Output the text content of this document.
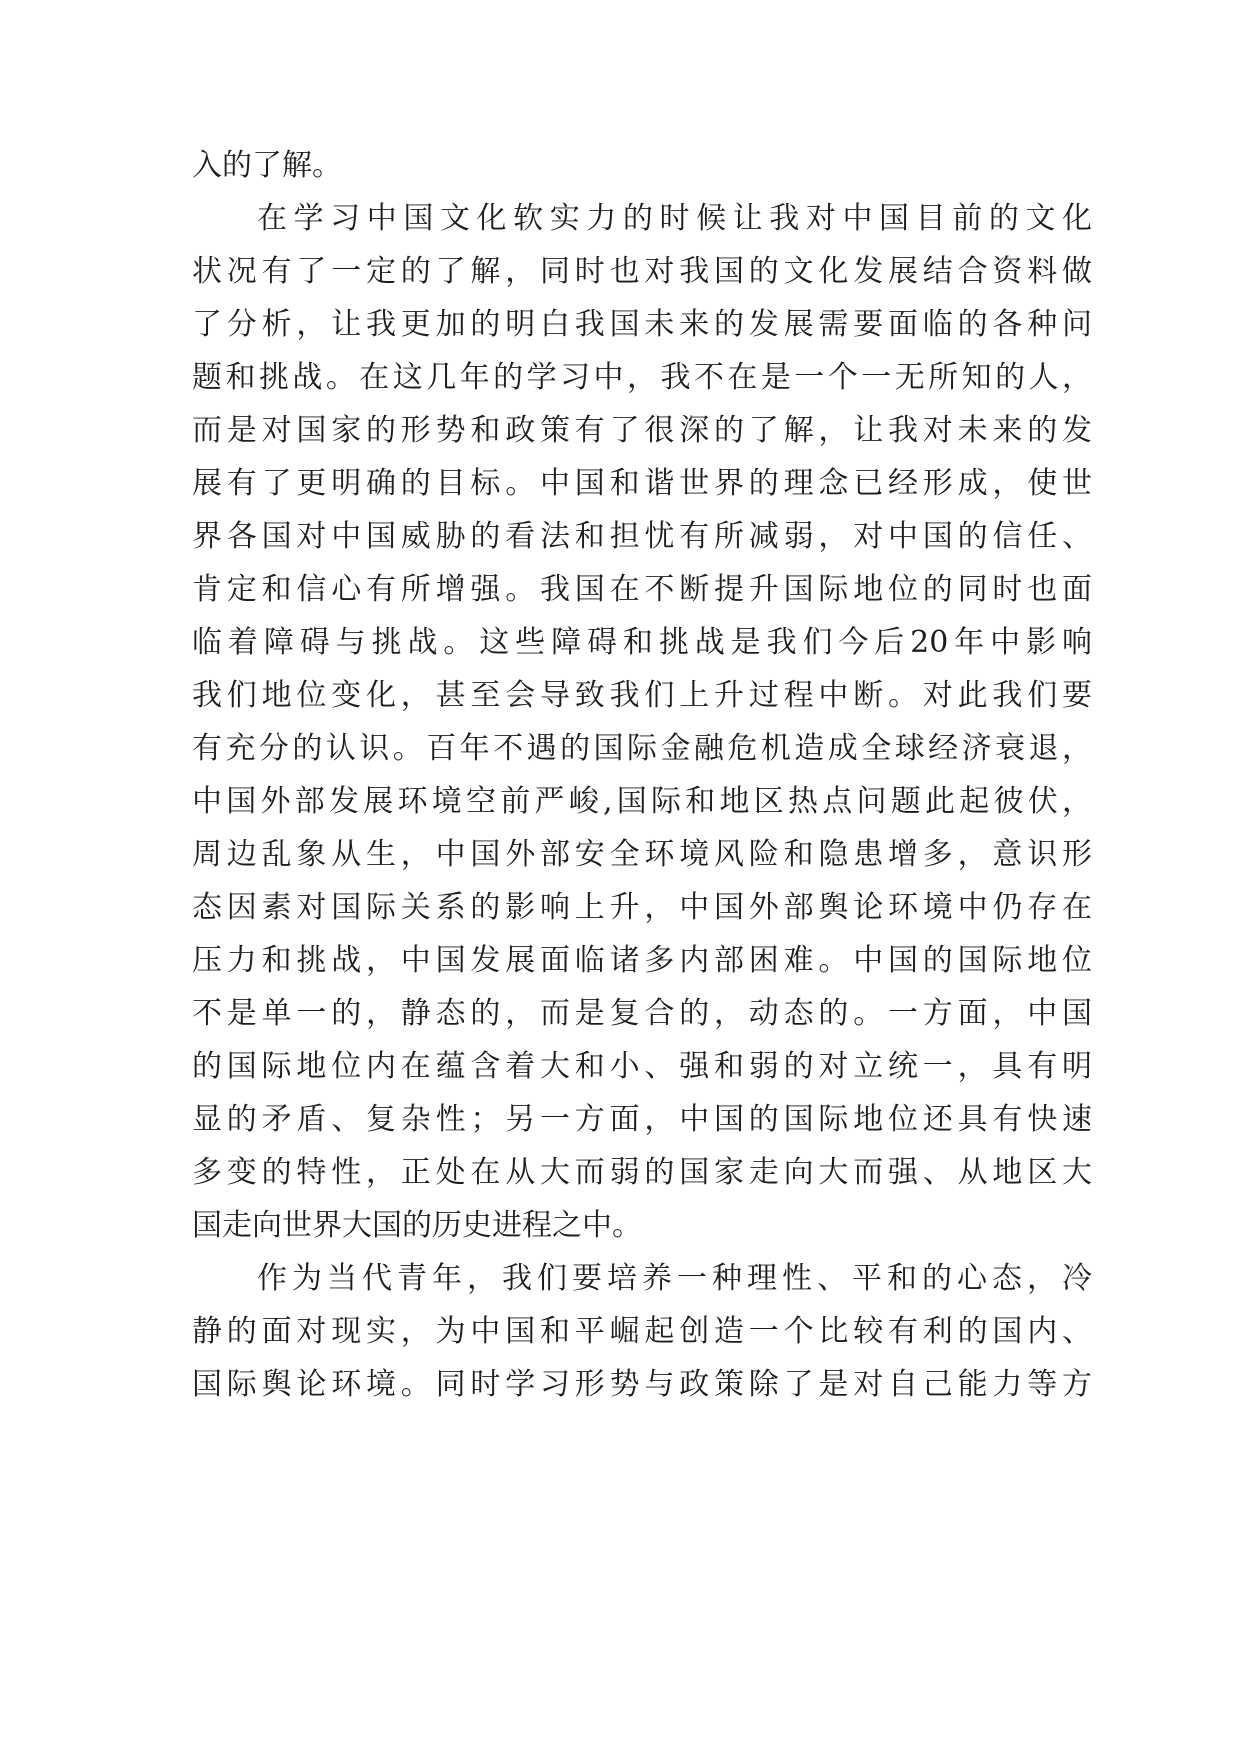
入的了解。
在学习中国文化软实力的时候让我对中国目前的文化
状况有了一定的了解，同时也对我国的文化发展结合资料做
了分析，让我更加的明白我国未来的发展需要面临的各种问
题和挑战。在这几年的学习中，我不在是一个一无所知的人，
而是对国家的形势和政策有了很深的了解，让我对未来的发
展有了更明确的目标。中国和谐世界的理念已经形成，使世
界各国对中国威胁的看法和担忧有所减弱，对中国的信任、
肯定和信心有所增强。我国在不断提升国际地位的同时也面
临着障碍与挑战。这些障碍和挑战是我们今后20年中影响
我们地位变化，甚至会导致我们上升过程中断。对此我们要
有充分的认识。百年不遇的国际金融危机造成全球经济衰退，
中国外部发展环境空前严峻,国际和地区热点问题此起彼伏，
周边乱象从生，中国外部安全环境风险和隐患增多，意识形
态因素对国际关系的影响上升，中国外部舆论环境中仍存在
压力和挑战，中国发展面临诸多内部困难。中国的国际地位
不是单一的，静态的，而是复合的，动态的。一方面，中国
的国际地位内在蕴含着大和小、强和弱的对立统一，具有明
显的矛盾、复杂性；另一方面，中国的国际地位还具有快速
多变的特性，正处在从大而弱的国家走向大而强、从地区大
国走向世界大国的历史进程之中。
作为当代青年，我们要培养一种理性、平和的心态，冷
静的面对现实，为中国和平崛起创造一个比较有利的国内、
国际舆论环境。同时学习形势与政策除了是对自己能力等方
